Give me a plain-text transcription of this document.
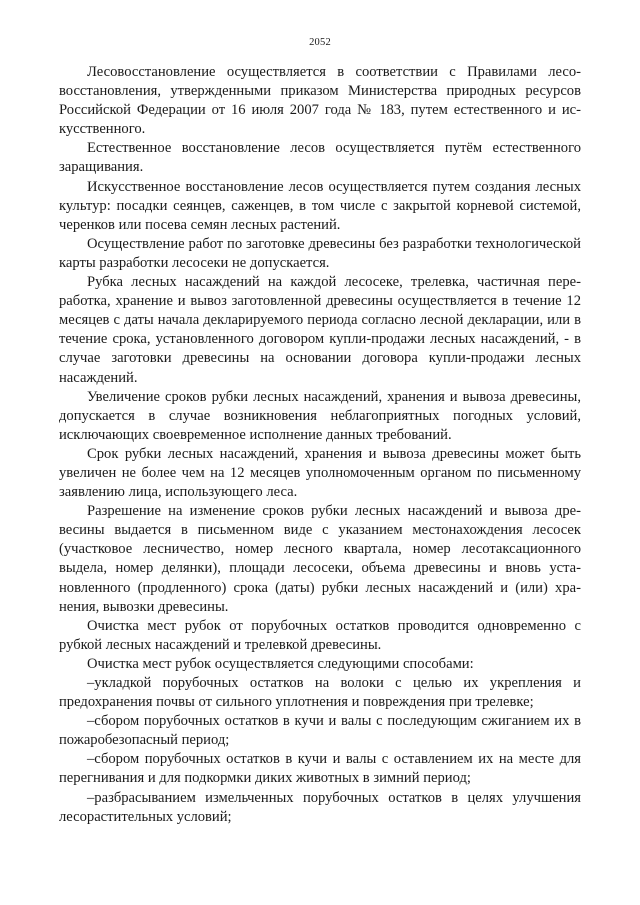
2052

Лесовосстановление осуществляется в соответствии с Правилами лесовосстановления, утвержденными приказом Министерства природных ресурсов Российской Федерации от 16 июля 2007 года № 183, путем естественного и искусственного.

Естественное восстановление лесов осуществляется путём естественного заращивания.

Искусственное восстановление лесов осуществляется путем создания лесных культур: посадки сеянцев, саженцев, в том числе с закрытой корневой системой, черенков или посева семян лесных растений.

Осуществление работ по заготовке древесины без разработки технологической карты разработки лесосеки не допускается.

Рубка лесных насаждений на каждой лесосеке, трелевка, частичная переработка, хранение и вывоз заготовленной древесины осуществляется в течение 12 месяцев с даты начала декларируемого периода согласно лесной декларации, или в течение срока, установленного договором купли-продажи лесных насаждений, - в случае заготовки древесины на основании договора купли-продажи лесных насаждений.

Увеличение сроков рубки лесных насаждений, хранения и вывоза древесины, допускается в случае возникновения неблагоприятных погодных условий, исключающих своевременное исполнение данных требований.

Срок рубки лесных насаждений, хранения и вывоза древесины может быть увеличен не более чем на 12 месяцев уполномоченным органом по письменному заявлению лица, использующего леса.

Разрешение на изменение сроков рубки лесных насаждений и вывоза древесины выдается в письменном виде с указанием местонахождения лесосек (участковое лесничество, номер лесного квартала, номер лесотаксационного выдела, номер делянки), площади лесосеки, объема древесины и вновь установленного (продленного) срока (даты) рубки лесных насаждений и (или) хранения, вывозки древесины.

Очистка мест рубок от порубочных остатков проводится одновременно с рубкой лесных насаждений и трелевкой древесины.

Очистка мест рубок осуществляется следующими способами:

–укладкой порубочных остатков на волоки с целью их укрепления и предохранения почвы от сильного уплотнения и повреждения при трелевке;

–сбором порубочных остатков в кучи и валы с последующим сжиганием их в пожаробезопасный период;

–сбором порубочных остатков в кучи и валы с оставлением их на месте для перегнивания и для подкормки диких животных в зимний период;

–разбрасыванием измельченных порубочных остатков в целях улучшения лесорастительных условий;
